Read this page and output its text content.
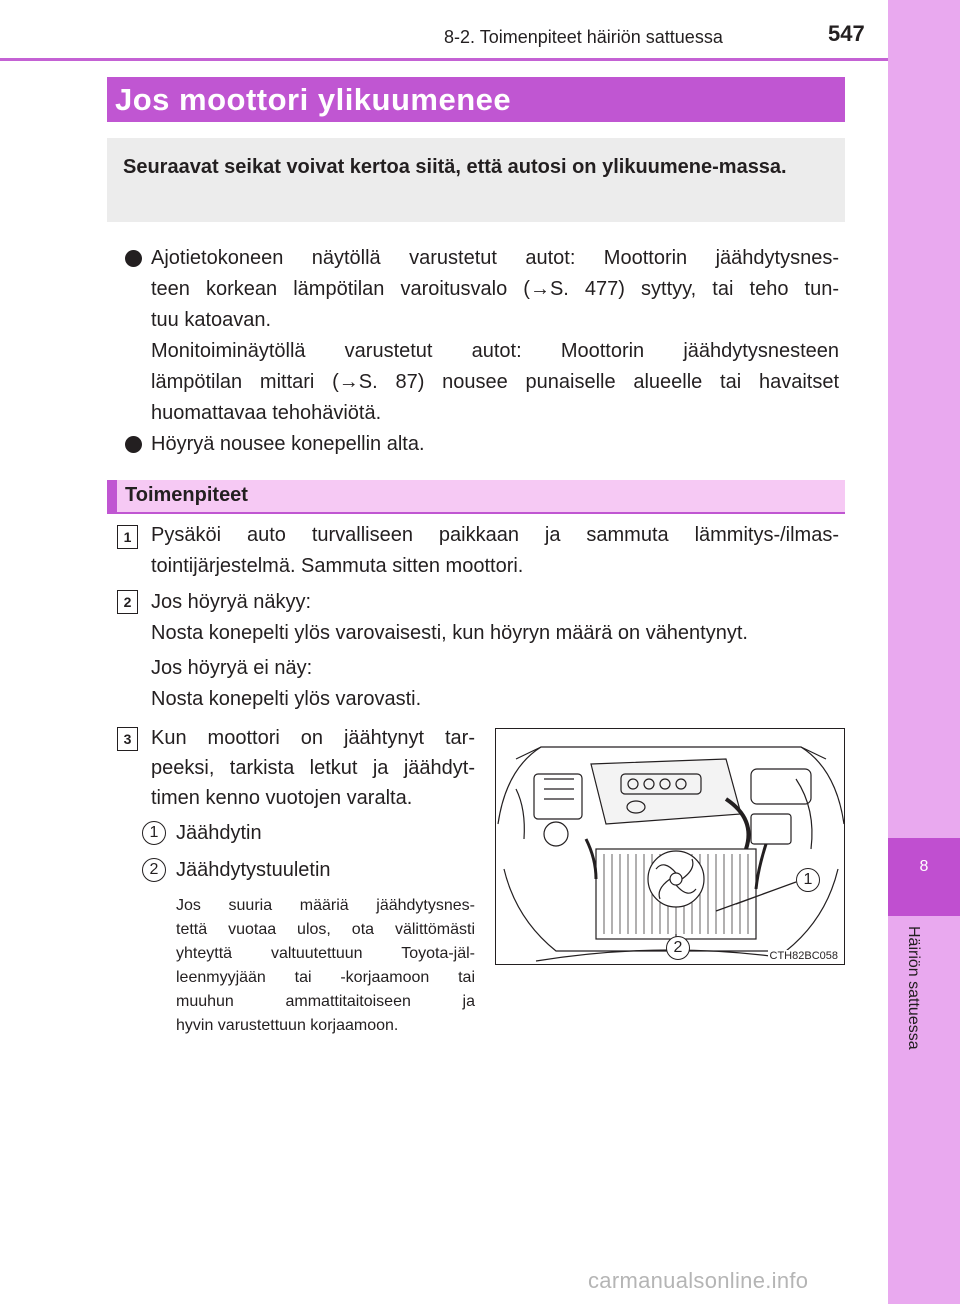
8
Häiriön sattuessa
8-2. Toimenpiteet häiriön sattuessa	547
Jos moottori ylikuumenee
Seuraavat seikat voivat kertoa siitä, että autosi on ylikuumene-massa.
Ajotietokoneen näytöllä varustetut autot: Moottorin jäähdytysnes-
teen korkean lämpötilan varoitusvalo (→S. 477) syttyy, tai teho tun-
tuu katoavan.
Monitoiminäytöllä varustetut autot: Moottorin jäähdytysnesteen
lämpötilan mittari (→S. 87) nousee punaiselle alueelle tai havaitset
huomattavaa tehohäviötä.
Höyryä nousee konepellin alta.
Toimenpiteet
1 Pysäköi auto turvalliseen paikkaan ja sammuta lämmitys-/ilmas-
tointijärjestelmä. Sammuta sitten moottori.
2 Jos höyryä näkyy:
Nosta konepelti ylös varovaisesti, kun höyryn määrä on vähentynyt.
Jos höyryä ei näy:
Nosta konepelti ylös varovasti.
3 Kun moottori on jäähtynyt tar-
peeksi, tarkista letkut ja jäähdyt-
timen kenno vuotojen varalta.
1 Jäähdytin
2 Jäähdytystuuletin
Jos suuria määriä jäähdytysnes-
tettä vuotaa ulos, ota välittömästi
yhteyttä valtuutettuun Toyota-jäl-
leenmyyjään tai -korjaamoon tai
muuhun ammattitaitoiseen ja
hyvin varustettuun korjaamoon.
1
2	CTH82BC058
carmanualsonline.info
